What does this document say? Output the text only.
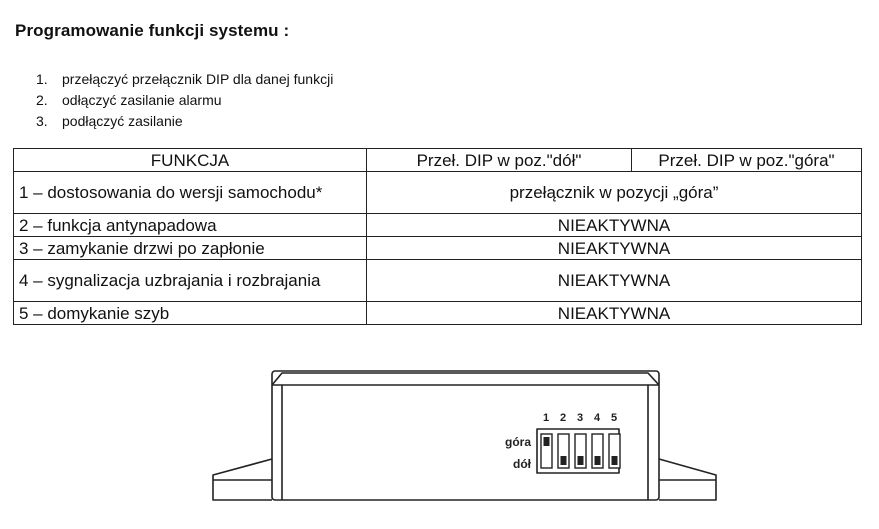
Programowanie funkcji systemu :
1.	przełączyć przełącznik DIP dla danej funkcji
2.	odłączyć zasilanie alarmu
3.	podłączyć zasilanie
FUNKCJA	Przeł. DIP w poz."dół"	Przeł. DIP w poz."góra"
1 – dostosowania do wersji samochodu*	przełącznik w pozycji „góra”	
2 – funkcja antynapadowa	NIEAKTYWNA	
3 – zamykanie drzwi po zapłonie	NIEAKTYWNA	
4 – sygnalizacja uzbrajania i rozbrajania	NIEAKTYWNA	
5 – domykanie szyb	NIEAKTYWNA	
1 2 3 4 5
góra
dół
